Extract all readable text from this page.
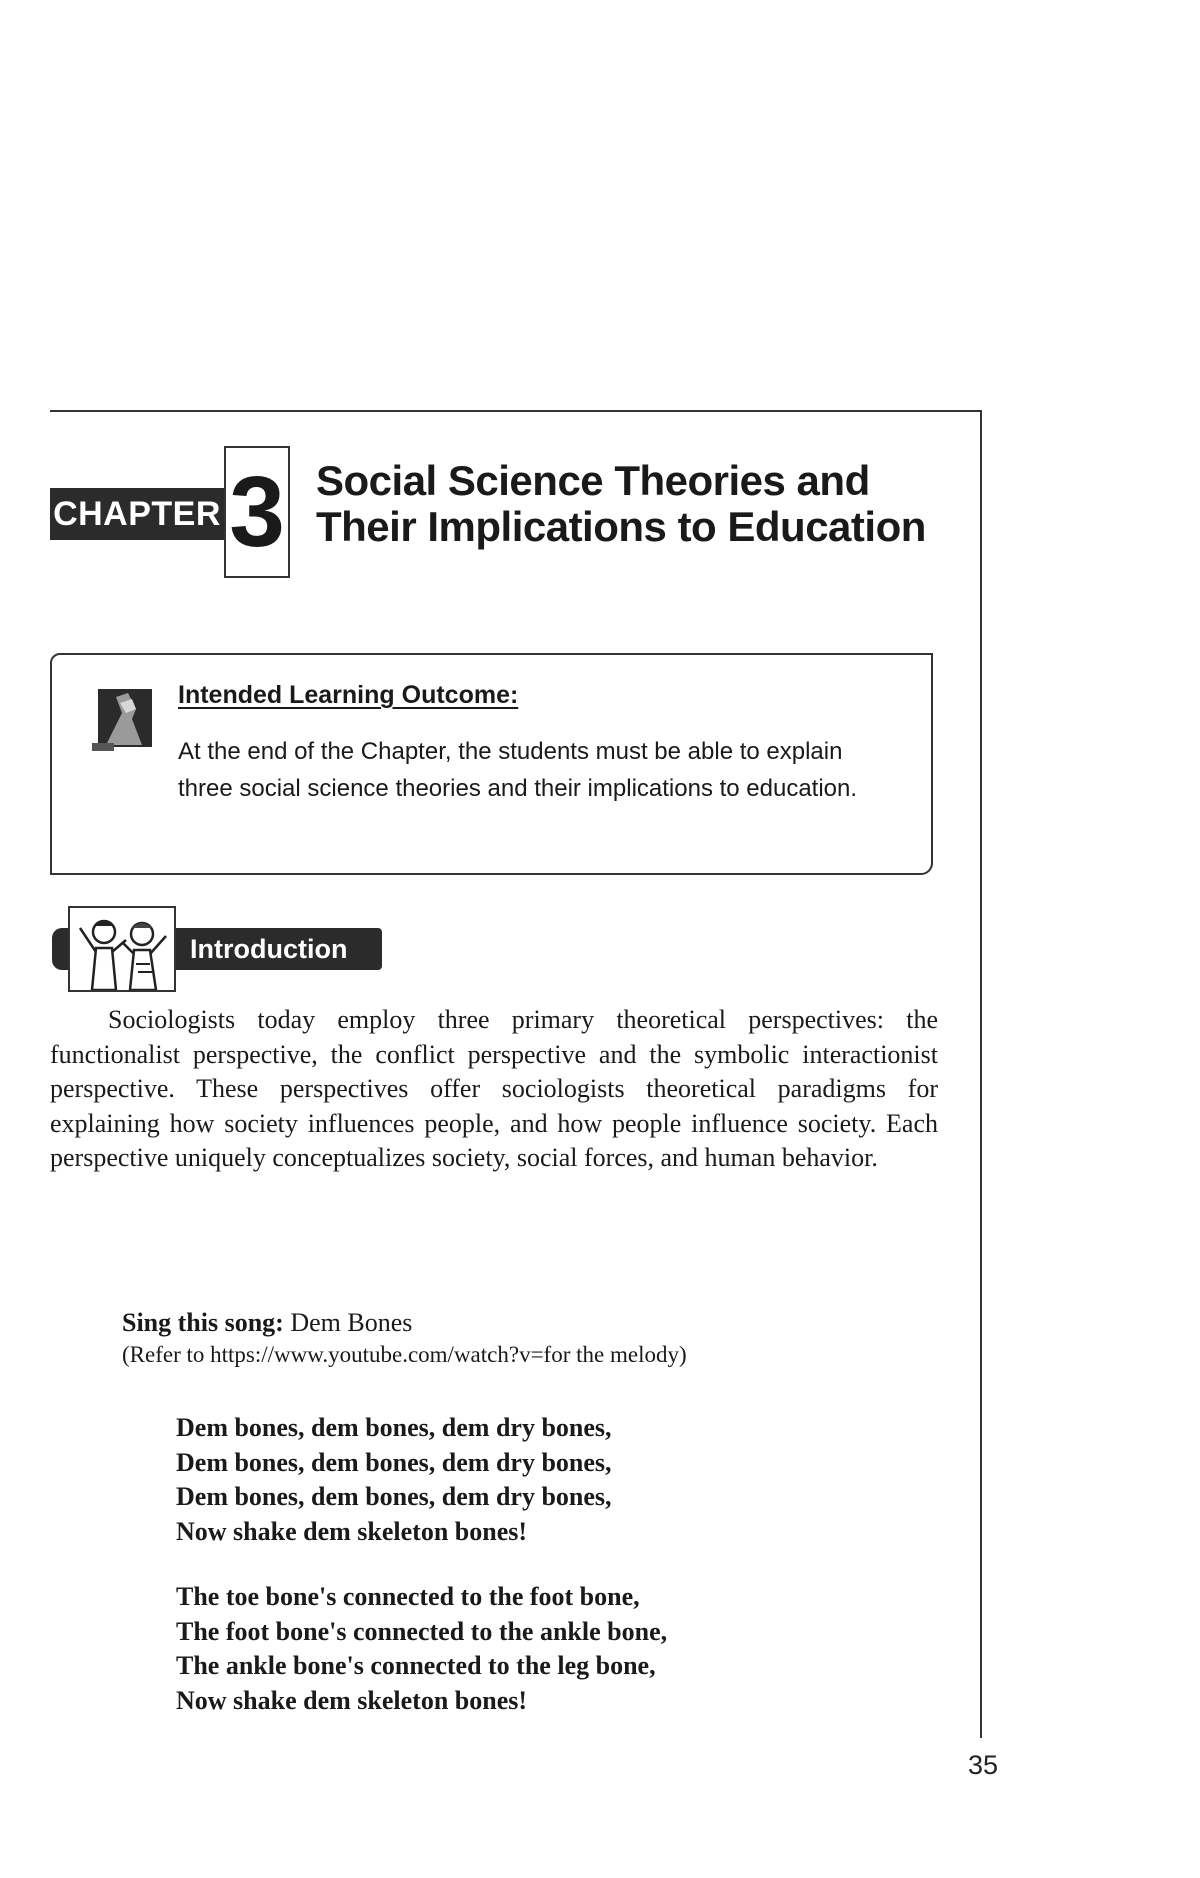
CHAPTER 3 Social Science Theories and
Their Implications to Education
Intended Learning Outcome:
At the end of the Chapter, the students must be able to explain three social science theories and their implications to education.
Introduction
Sociologists today employ three primary theoretical perspectives: the functionalist perspective, the conflict perspective and the symbolic interactionist perspective. These perspectives offer sociologists theoretical paradigms for explaining how society influences people, and how people influence society. Each perspective uniquely conceptualizes society, social forces, and human behavior.
Sing this song: Dem Bones
(Refer to https://www.youtube.com/watch?v=for the melody)
Dem bones, dem bones, dem dry bones,
Dem bones, dem bones, dem dry bones,
Dem bones, dem bones, dem dry bones,
Now shake dem skeleton bones!
The toe bone's connected to the foot bone,
The foot bone's connected to the ankle bone,
The ankle bone's connected to the leg bone,
Now shake dem skeleton bones!
35
